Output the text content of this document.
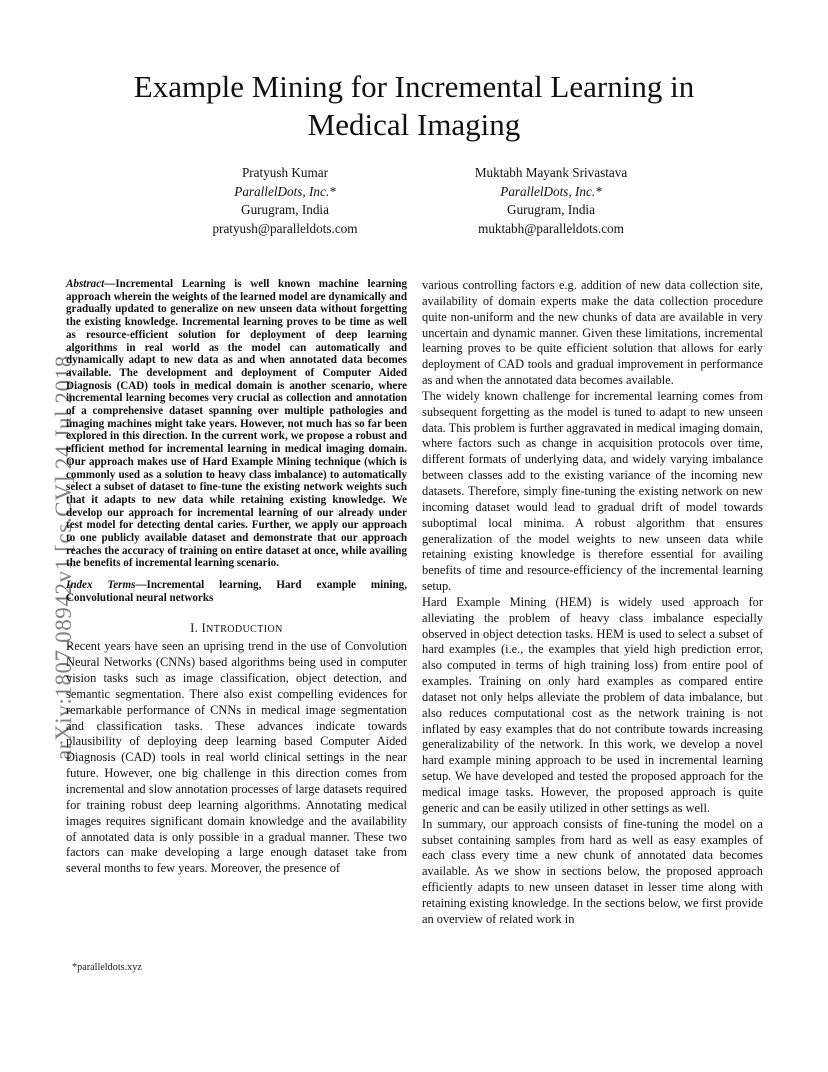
arXiv:1807.08942v1 [cs.CV] 24 Jul 2018
Example Mining for Incremental Learning in
Medical Imaging
Pratyush Kumar
ParallelDots, Inc.*
Gurugram, India
pratyush@paralleldots.com
Muktabh Mayank Srivastava
ParallelDots, Inc.*
Gurugram, India
muktabh@paralleldots.com
Abstract—Incremental Learning is well known machine learning approach wherein the weights of the learned model are dynamically and gradually updated to generalize on new unseen data without forgetting the existing knowledge. Incremental learning proves to be time as well as resource-efficient solution for deployment of deep learning algorithms in real world as the model can automatically and dynamically adapt to new data as and when annotated data becomes available. The development and deployment of Computer Aided Diagnosis (CAD) tools in medical domain is another scenario, where incremental learning becomes very crucial as collection and annotation of a comprehensive dataset spanning over multiple pathologies and imaging machines might take years. However, not much has so far been explored in this direction. In the current work, we propose a robust and efficient method for incremental learning in medical imaging domain. Our approach makes use of Hard Example Mining technique (which is commonly used as a solution to heavy class imbalance) to automatically select a subset of dataset to fine-tune the existing network weights such that it adapts to new data while retaining existing knowledge. We develop our approach for incremental learning of our already under test model for detecting dental caries. Further, we apply our approach to one publicly available dataset and demonstrate that our approach reaches the accuracy of training on entire dataset at once, while availing the benefits of incremental learning scenario.
Index Terms—Incremental learning, Hard example mining, Convolutional neural networks
I. INTRODUCTION

Recent years have seen an uprising trend in the use of Convolution Neural Networks (CNNs) based algorithms being used in computer vision tasks such as image classification, object detection, and semantic segmentation. There also exist compelling evidences for remarkable performance of CNNs in medical image segmentation and classification tasks. These advances indicate towards plausibility of deploying deep learning based Computer Aided Diagnosis (CAD) tools in real world clinical settings in the near future. However, one big challenge in this direction comes from incremental and slow annotation processes of large datasets required for training robust deep learning algorithms. Annotating medical images requires significant domain knowledge and the availability of annotated data is only possible in a gradual manner. These two factors can make developing a large enough dataset take from several months to few years. Moreover, the presence of

various controlling factors e.g. addition of new data collection site, availability of domain experts make the data collection procedure quite non-uniform and the new chunks of data are available in very uncertain and dynamic manner. Given these limitations, incremental learning proves to be quite efficient solution that allows for early deployment of CAD tools and gradual improvement in performance as and when the annotated data becomes available.

The widely known challenge for incremental learning comes from subsequent forgetting as the model is tuned to adapt to new unseen data. This problem is further aggravated in medical imaging domain, where factors such as change in acquisition protocols over time, different formats of underlying data, and widely varying imbalance between classes add to the existing variance of the incoming new datasets. Therefore, simply fine-tuning the existing network on new incoming dataset would lead to gradual drift of model towards suboptimal local minima. A robust algorithm that ensures generalization of the model weights to new unseen data while retaining existing knowledge is therefore essential for availing benefits of time and resource-efficiency of the incremental learning setup.

Hard Example Mining (HEM) is widely used approach for alleviating the problem of heavy class imbalance especially observed in object detection tasks. HEM is used to select a subset of hard examples (i.e., the examples that yield high prediction error, also computed in terms of high training loss) from entire pool of examples. Training on only hard examples as compared entire dataset not only helps alleviate the problem of data imbalance, but also reduces computational cost as the network training is not inflated by easy examples that do not contribute towards increasing generalizability of the network. In this work, we develop a novel hard example mining approach to be used in incremental learning setup. We have developed and tested the proposed approach for the medical image tasks. However, the proposed approach is quite generic and can be easily utilized in other settings as well.

In summary, our approach consists of fine-tuning the model on a subset containing samples from hard as well as easy examples of each class every time a new chunk of annotated data becomes available. As we show in sections below, the proposed approach efficiently adapts to new unseen dataset in lesser time along with retaining existing knowledge. In the sections below, we first provide an overview of related work in

*paralleldots.xyz
